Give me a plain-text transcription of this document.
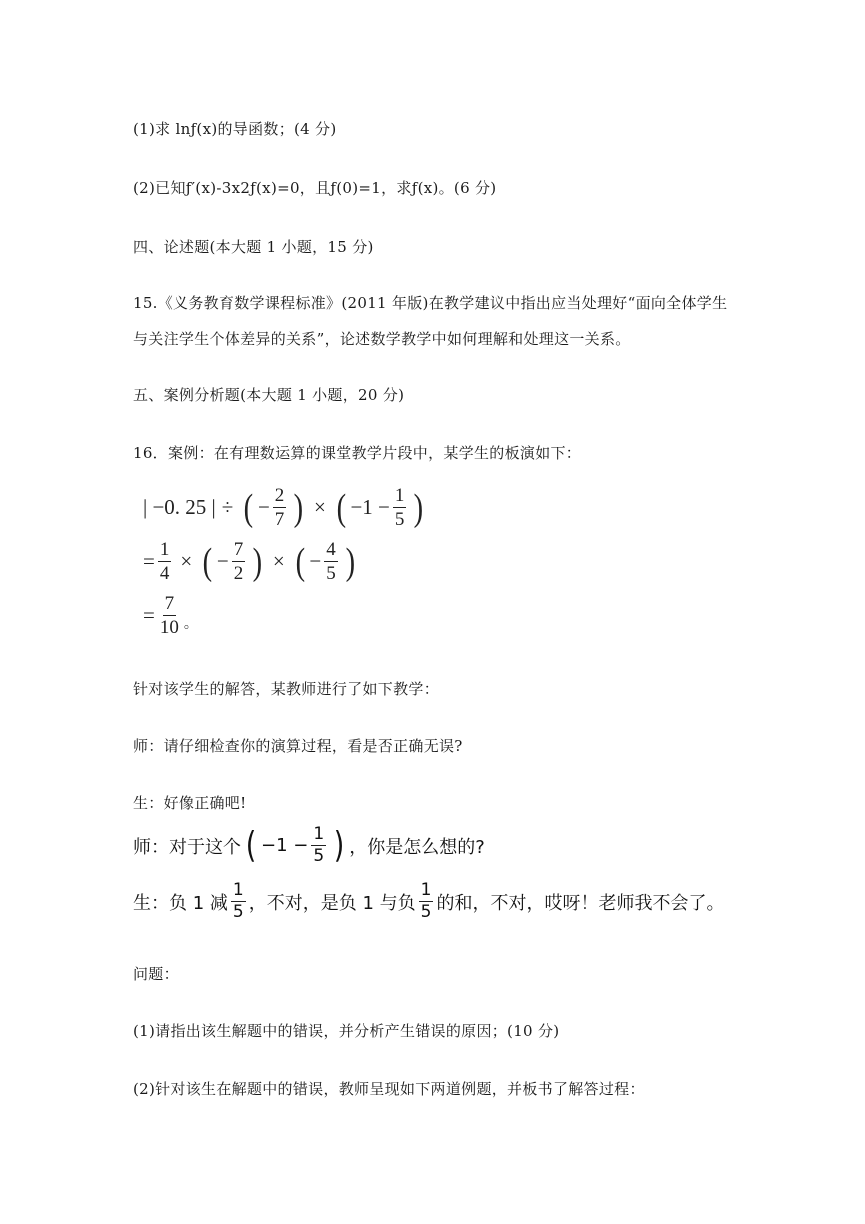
(1)求 lnƒ(x)的导函数；(4 分)
(2)已知ƒ′(x)-3x2ƒ(x)=0，且ƒ(0)=1，求ƒ(x)。(6 分)
四、论述题(本大题 1 小题，15 分)
15.《义务教育数学课程标准》(2011 年版)在教学建议中指出应当处理好“面向全体学生
与关注学生个体差异的关系”，论述数学教学中如何理解和处理这一关系。
五、案例分析题(本大题 1 小题，20 分)
16．案例：在有理数运算的课堂教学片段中，某学生的板演如下：
| −0. 25 | ÷ ( − $\frac{2}{7}$ ) × ( $-1 - \frac{1}{5}$ )
= $\frac{1}{4}$ × ( − $\frac{7}{2}$ ) × ( − $\frac{4}{5}$ )
= $\frac{7}{10}$ 。
针对该学生的解答，某教师进行了如下教学：
师：请仔细检查你的演算过程，看是否正确无误?
生：好像正确吧!
师：对于这个 ( $-1 - \frac{1}{5}$ ) ，你是怎么想的?
生：负 1 减 $\frac{1}{5}$ ，不对，是负 1 与负 $\frac{1}{5}$ 的和，不对，哎呀！老师我不会了。
问题：
(1)请指出该生解题中的错误，并分析产生错误的原因；(10 分)
(2)针对该生在解题中的错误，教师呈现如下两道例题，并板书了解答过程：
